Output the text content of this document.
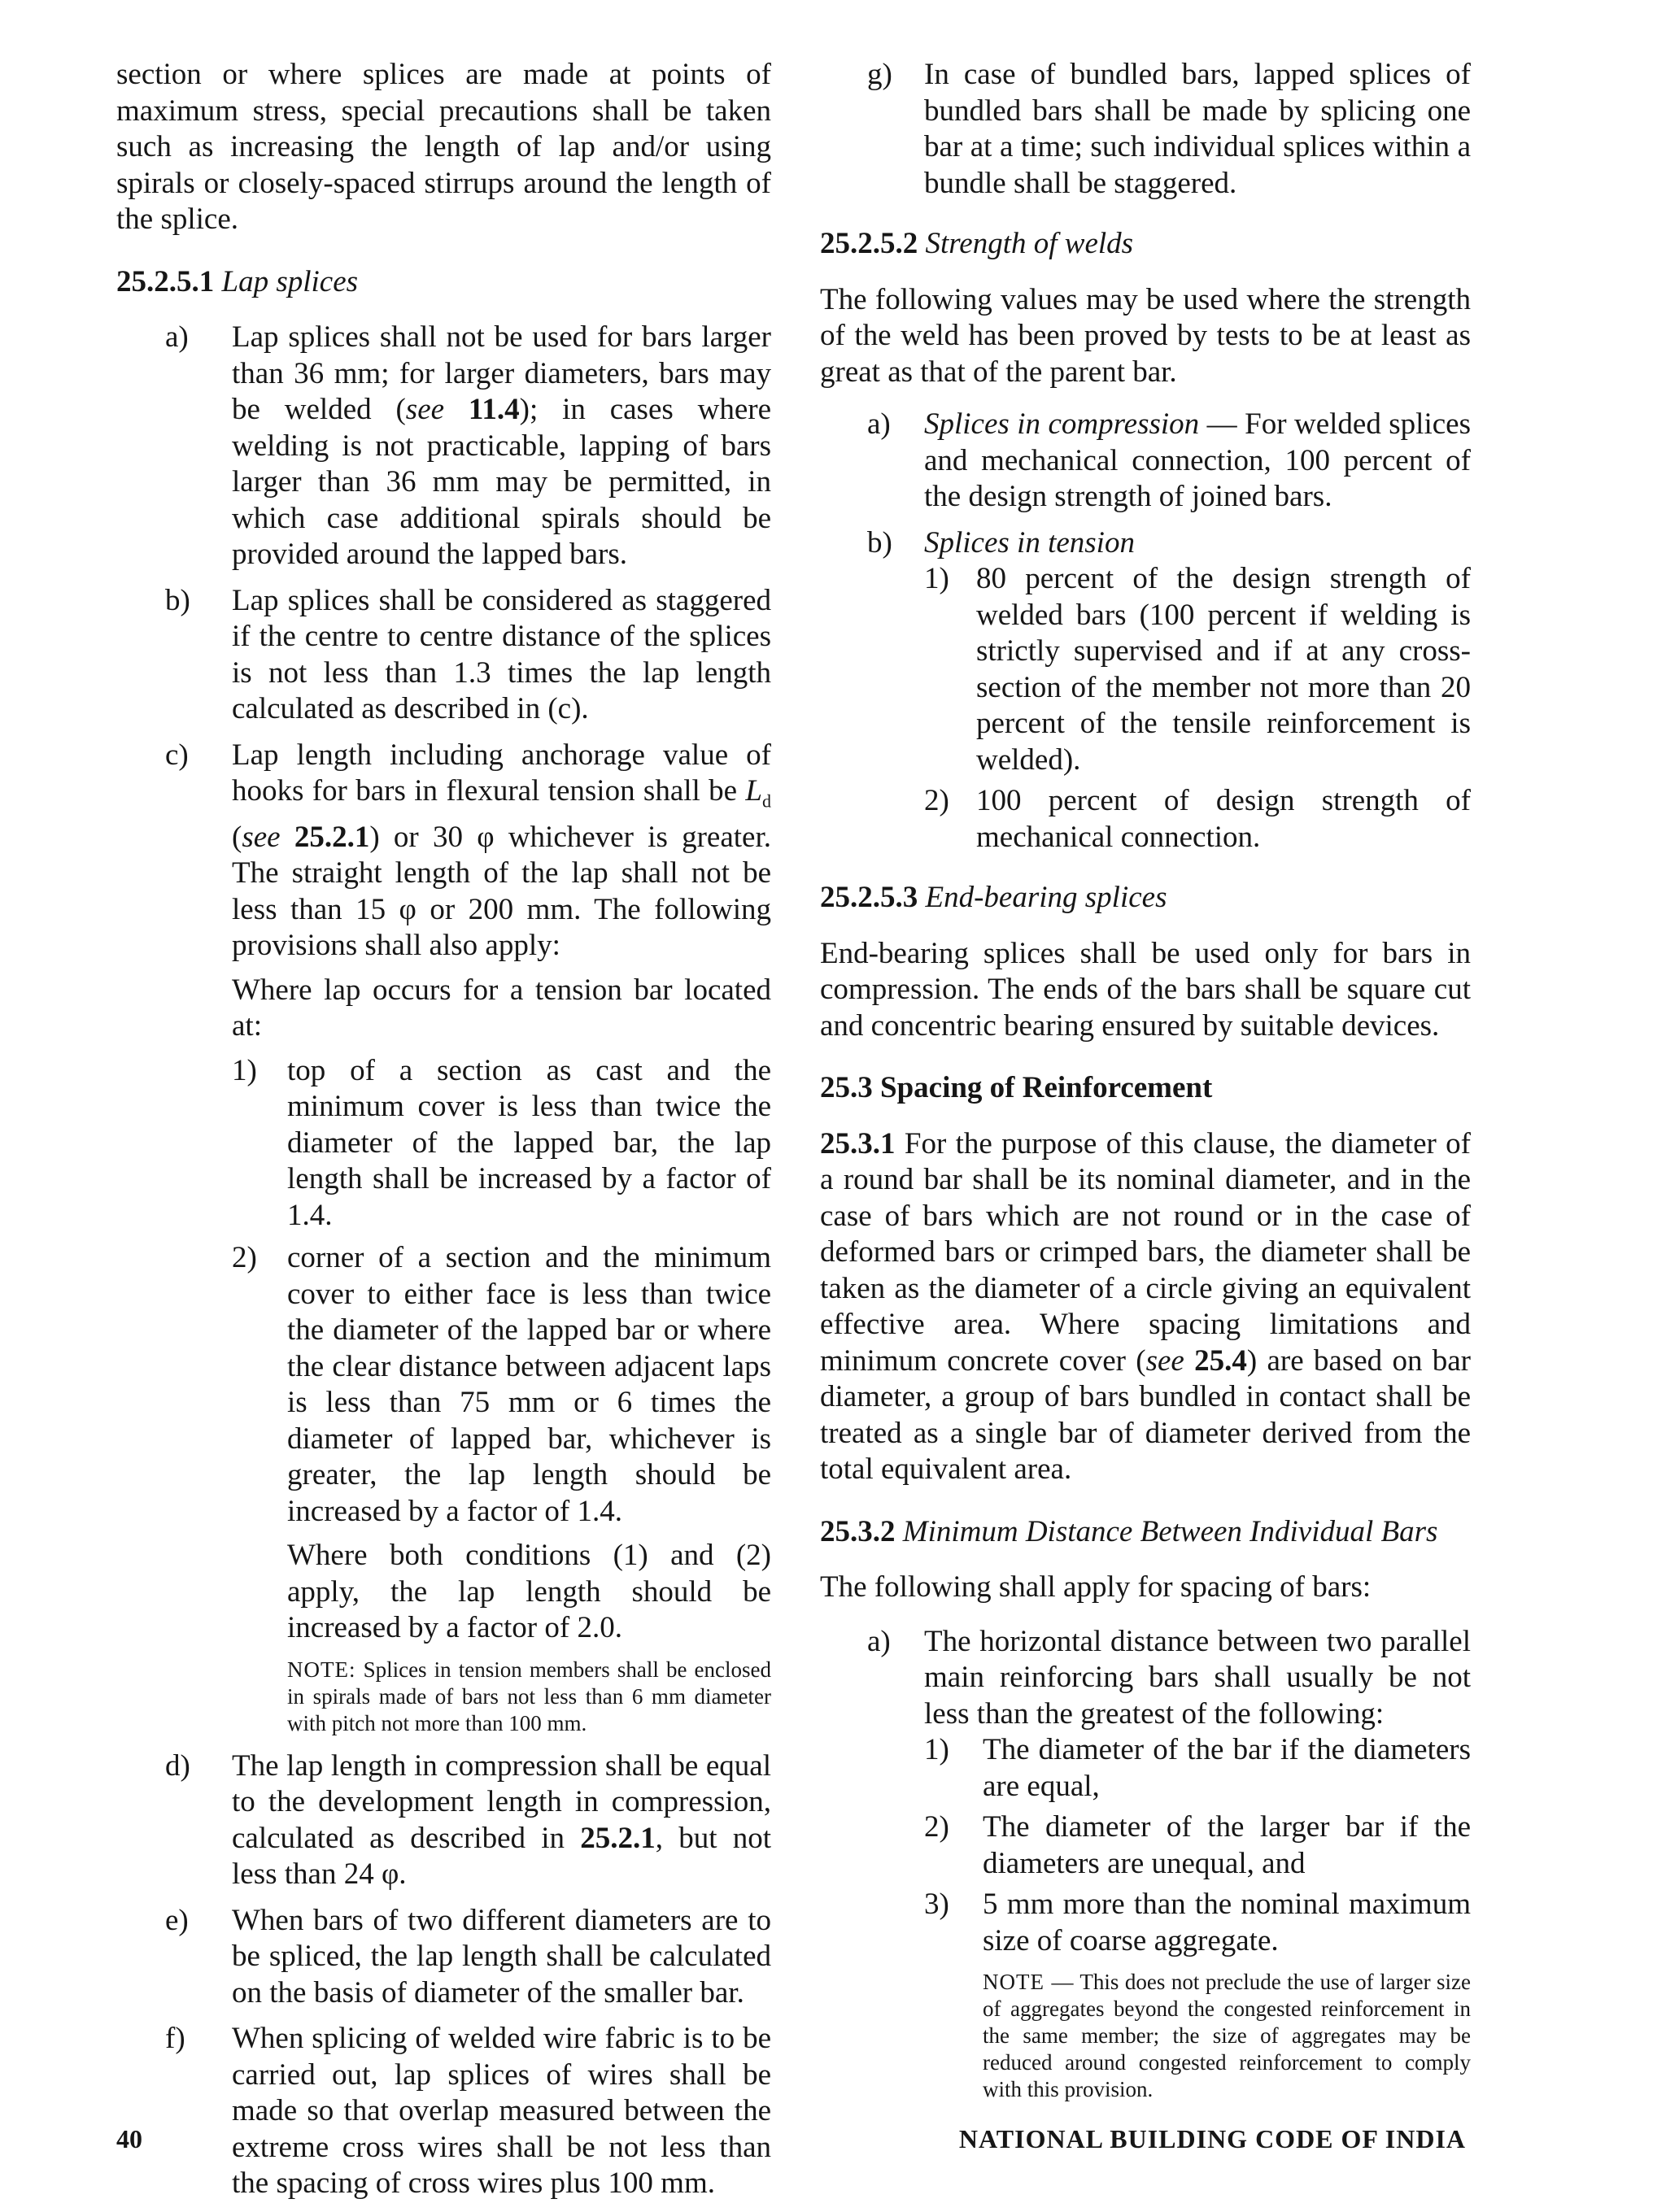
section or where splices are made at points of maximum stress, special precautions shall be taken such as increasing the length of lap and/or using spirals or closely-spaced stirrups around the length of the splice.

25.2.5.1 Lap splices
a) Lap splices shall not be used for bars larger than 36 mm; for larger diameters, bars may be welded (see 11.4); in cases where welding is not practicable, lapping of bars larger than 36 mm may be permitted, in which case additional spirals should be provided around the lapped bars.

b) Lap splices shall be considered as staggered if the centre to centre distance of the splices is not less than 1.3 times the lap length calculated as described in (c).

c) Lap length including anchorage value of hooks for bars in flexural tension shall be $L_d$ (see 25.2.1) or 30 φ whichever is greater. The straight length of the lap shall not be less than 15 φ or 200 mm. The following provisions shall also apply:

Where lap occurs for a tension bar located at:

1) top of a section as cast and the minimum cover is less than twice the diameter of the lapped bar, the lap length shall be increased by a factor of 1.4.

2) corner of a section and the minimum cover to either face is less than twice the diameter of the lapped bar or where the clear distance between adjacent laps is less than 75 mm or 6 times the diameter of lapped bar, whichever is greater, the lap length should be increased by a factor of 1.4.

Where both conditions (1) and (2) apply, the lap length should be increased by a factor of 2.0.

NOTE: Splices in tension members shall be enclosed in spirals made of bars not less than 6 mm diameter with pitch not more than 100 mm.

d) The lap length in compression shall be equal to the development length in compression, calculated as described in 25.2.1, but not less than 24 φ.

e) When bars of two different diameters are to be spliced, the lap length shall be calculated on the basis of diameter of the smaller bar.

f) When splicing of welded wire fabric is to be carried out, lap splices of wires shall be made so that overlap measured between the extreme cross wires shall be not less than the spacing of cross wires plus 100 mm.

g) In case of bundled bars, lapped splices of bundled bars shall be made by splicing one bar at a time; such individual splices within a bundle shall be staggered.

25.2.5.2 Strength of welds

The following values may be used where the strength of the weld has been proved by tests to be at least as great as that of the parent bar.

a) Splices in compression — For welded splices and mechanical connection, 100 percent of the design strength of joined bars.

b) Splices in tension

1) 80 percent of the design strength of welded bars (100 percent if welding is strictly supervised and if at any cross-section of the member not more than 20 percent of the tensile reinforcement is welded).

2) 100 percent of design strength of mechanical connection.

25.2.5.3 End-bearing splices

End-bearing splices shall be used only for bars in compression. The ends of the bars shall be square cut and concentric bearing ensured by suitable devices.

25.3 Spacing of Reinforcement

25.3.1 For the purpose of this clause, the diameter of a round bar shall be its nominal diameter, and in the case of bars which are not round or in the case of deformed bars or crimped bars, the diameter shall be taken as the diameter of a circle giving an equivalent effective area. Where spacing limitations and minimum concrete cover (see 25.4) are based on bar diameter, a group of bars bundled in contact shall be treated as a single bar of diameter derived from the total equivalent area.

25.3.2 Minimum Distance Between Individual Bars

The following shall apply for spacing of bars:

a) The horizontal distance between two parallel main reinforcing bars shall usually be not less than the greatest of the following:

1) The diameter of the bar if the diameters are equal,

2) The diameter of the larger bar if the diameters are unequal, and

3) 5 mm more than the nominal maximum size of coarse aggregate.

NOTE — This does not preclude the use of larger size of aggregates beyond the congested reinforcement in the same member; the size of aggregates may be reduced around congested reinforcement to comply with this provision.

40	NATIONAL BUILDING CODE OF INDIA
